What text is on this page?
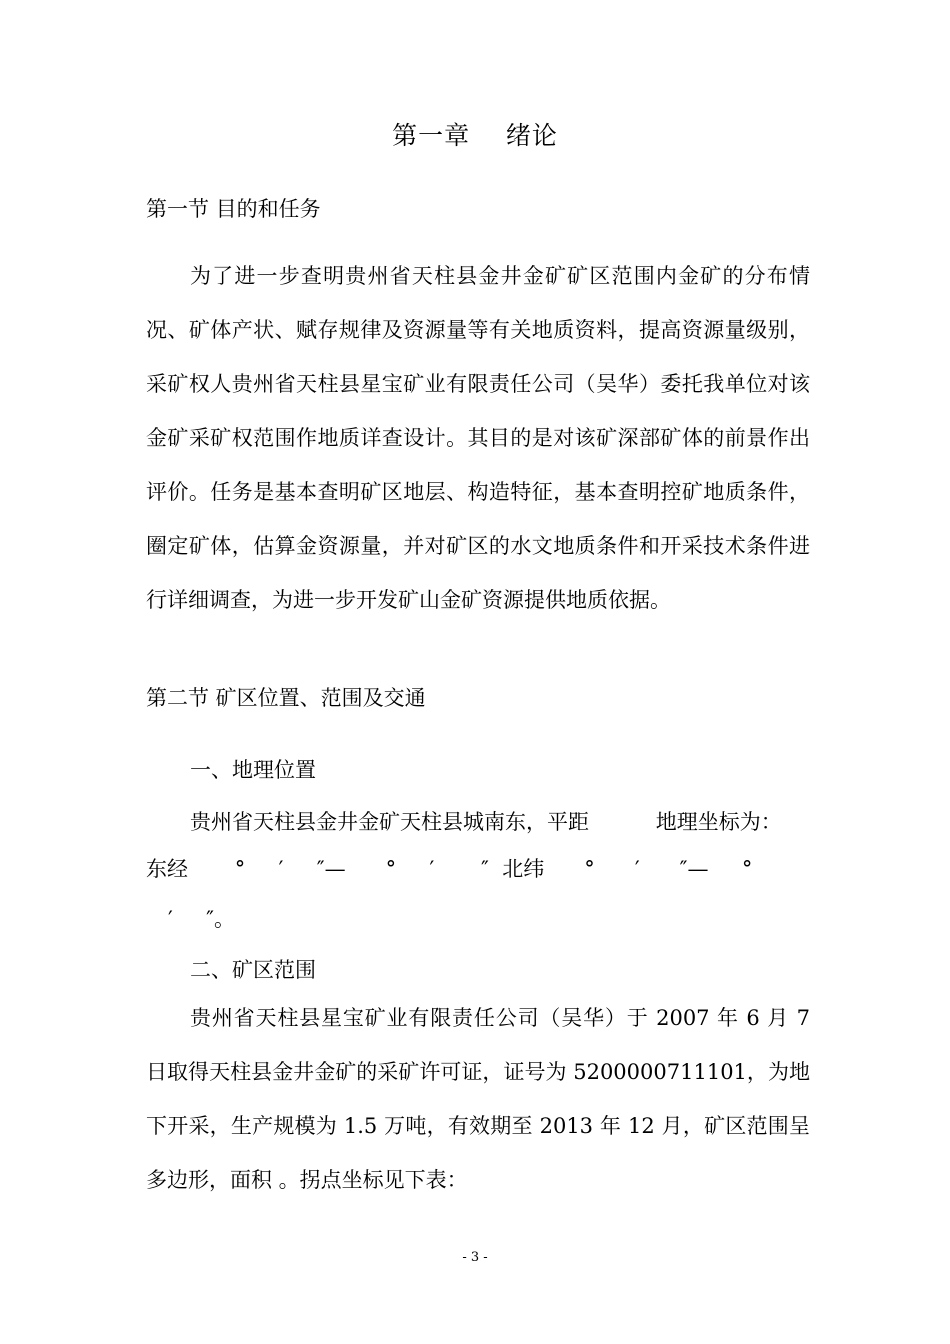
第一章    绪论
第一节 目的和任务

为了进一步查明贵州省天柱县金井金矿矿区范围内金矿的分布情况、矿体产状、赋存规律及资源量等有关地质资料，提高资源量级别，采矿权人贵州省天柱县星宝矿业有限责任公司（吴华）委托我单位对该金矿采矿权范围作地质详查设计。其目的是对该矿深部矿体的前景作出评价。任务是基本查明矿区地层、构造特征，基本查明控矿地质条件，圈定矿体，估算金资源量，并对矿区的水文地质条件和开采技术条件进行详细调查，为进一步开发矿山金矿资源提供地质依据。

第二节 矿区位置、范围及交通
一、地理位置
贵州省天柱县金井金矿天柱县城南东，平距          地理坐标为：
东经       °     ′     ″—      °     ′       ″  北纬      °      ′      ″—     °
′     ″。
二、矿区范围

贵州省天柱县星宝矿业有限责任公司（吴华）于 2007 年 6 月 7 日取得天柱县金井金矿的采矿许可证，证号为 5200000711101，为地下开采，生产规模为 1.5 万吨，有效期至 2013 年 12 月，矿区范围呈多边形，面积 。拐点坐标见下表：

- 3 -
